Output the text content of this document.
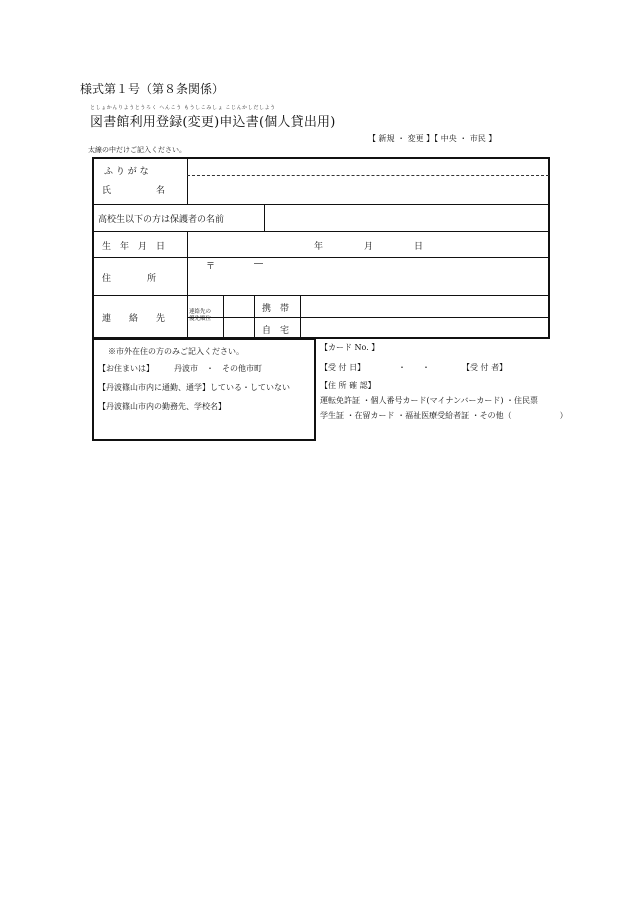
様式第１号（第８条関係）
としょかんりようとうろく へんこう もうしこみしょ こじんかしだしよう
図書館利用登録(変更)申込書(個人貸出用)
【 新規 ・ 変更 】【 中央 ・ 市民 】
太線の中だけご記入ください。
ふ り が な
氏　　　　　名
高校生以下の方は保護者の名前
生　年　月　日	年	月	日
住　　　　所
〒	―
連　　絡　　先
連絡先の
優先順位
携　帯
自　宅
※市外在住の方のみご記入ください。
【お住まいは】	丹波市　・　その他市町
【丹波篠山市内に通勤、通学】している・していない
【丹波篠山市内の勤務先、学校名】
【カード No. 】
【受 付 日】	・　　・	【受 付 者】
【住 所 確 認】
運転免許証 ・個人番号カード(マイナンバーカード) ・住民票
学生証 ・在留カード ・福祉医療受給者証 ・その他（　　　　　　）
